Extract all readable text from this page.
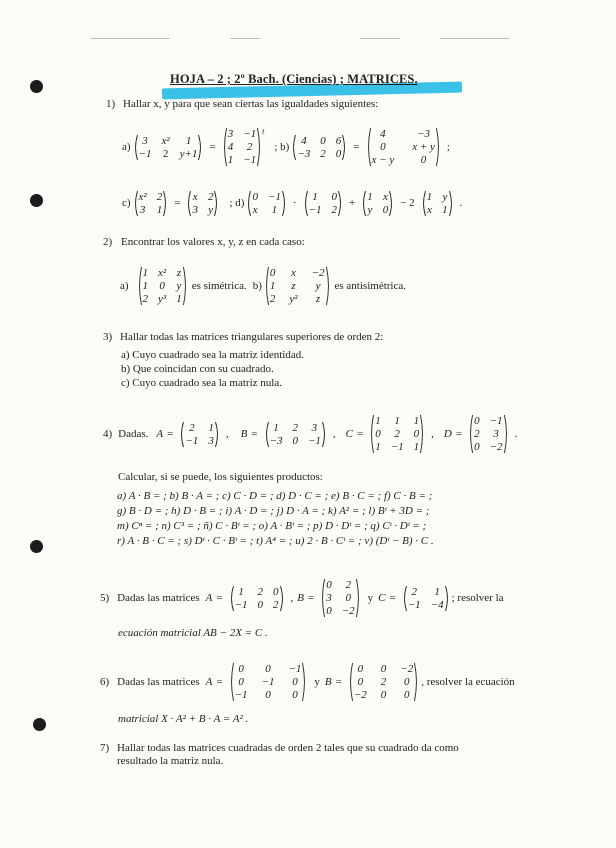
HOJA – 2 ; 2º Bach. (Ciencias) ; MATRICES.
1) Hallar x, y para que sean ciertas las igualdades siguientes:
a)
3	x²	1
−1 2 y+1
=
3 −1
4	2
1 −1
t
; b)
4	0 6
−3 2 0
=
4	−3
0	x + y
x − y	0
;
c)
x² 2
3 1
=
x 2
3 y
; d)
0 −1
x	1
·
1	0
−1 2
+
1 x
y 0
− 2
1 y
x 1
.
2) Encontrar los valores x, y, z en cada caso:
a)
1 x² z
1 0 y
2 y³ 1
es simétrica. b)
0 x −2
1 z	y
2 y²	z
es antisimétrica.
3) Hallar todas las matrices triangulares superiores de orden 2:
a) Cuyo cuadrado sea la matriz identidad.
b) Que coincidan con su cuadrado.
c) Cuyo cuadrado sea la matriz nula.
4) Dadas. A =
2	1
−1 3
, B =
1	2	3
−3 0 −1
, C =
1	1	1
0	2	0
1 −1 1
, D =
0 −1
2	3
0 −2
.
Calcular, si se puede, los siguientes productos:
a) A · B = ; b) B · A = ; c) C · D = ; d) D · C = ; e) B · C = ; f) C · B = ;
g) B · D = ; h) D · B = ; i) A · D = ; j) D · A = ; k) A² = ; l) Bᵗ + 3D = ;
m) Cⁿ = ; n) C³ = ; ñ) C · Bᵗ = ; o) A · Bᵗ = ; p) D · Dᵗ = ; q) Cᵗ · Dᵗ = ;
r) A · B · C = ; s) Dᵗ · C · Bᵗ = ; t) A⁴ = ; u) 2 · B · Cᵗ = ; v) (Dᵗ − B) · C .
5) Dadas las matrices A =
1	2 0
−1 0 2
, B =
0	2
3	0
0 −2
y C =
2	1
−1 −4
; resolver la
ecuación matricial AB − 2X = C .
6) Dadas las matrices A =
0	0	−1
0	−1	0
−1	0	0
y B =
0	0 −2
0	2	0
−2 0	0
, resolver la ecuación
matricial X · A² + B · A = A² .
7) Hallar todas las matrices cuadradas de orden 2 tales que su cuadrado da como
resultado la matriz nula.
